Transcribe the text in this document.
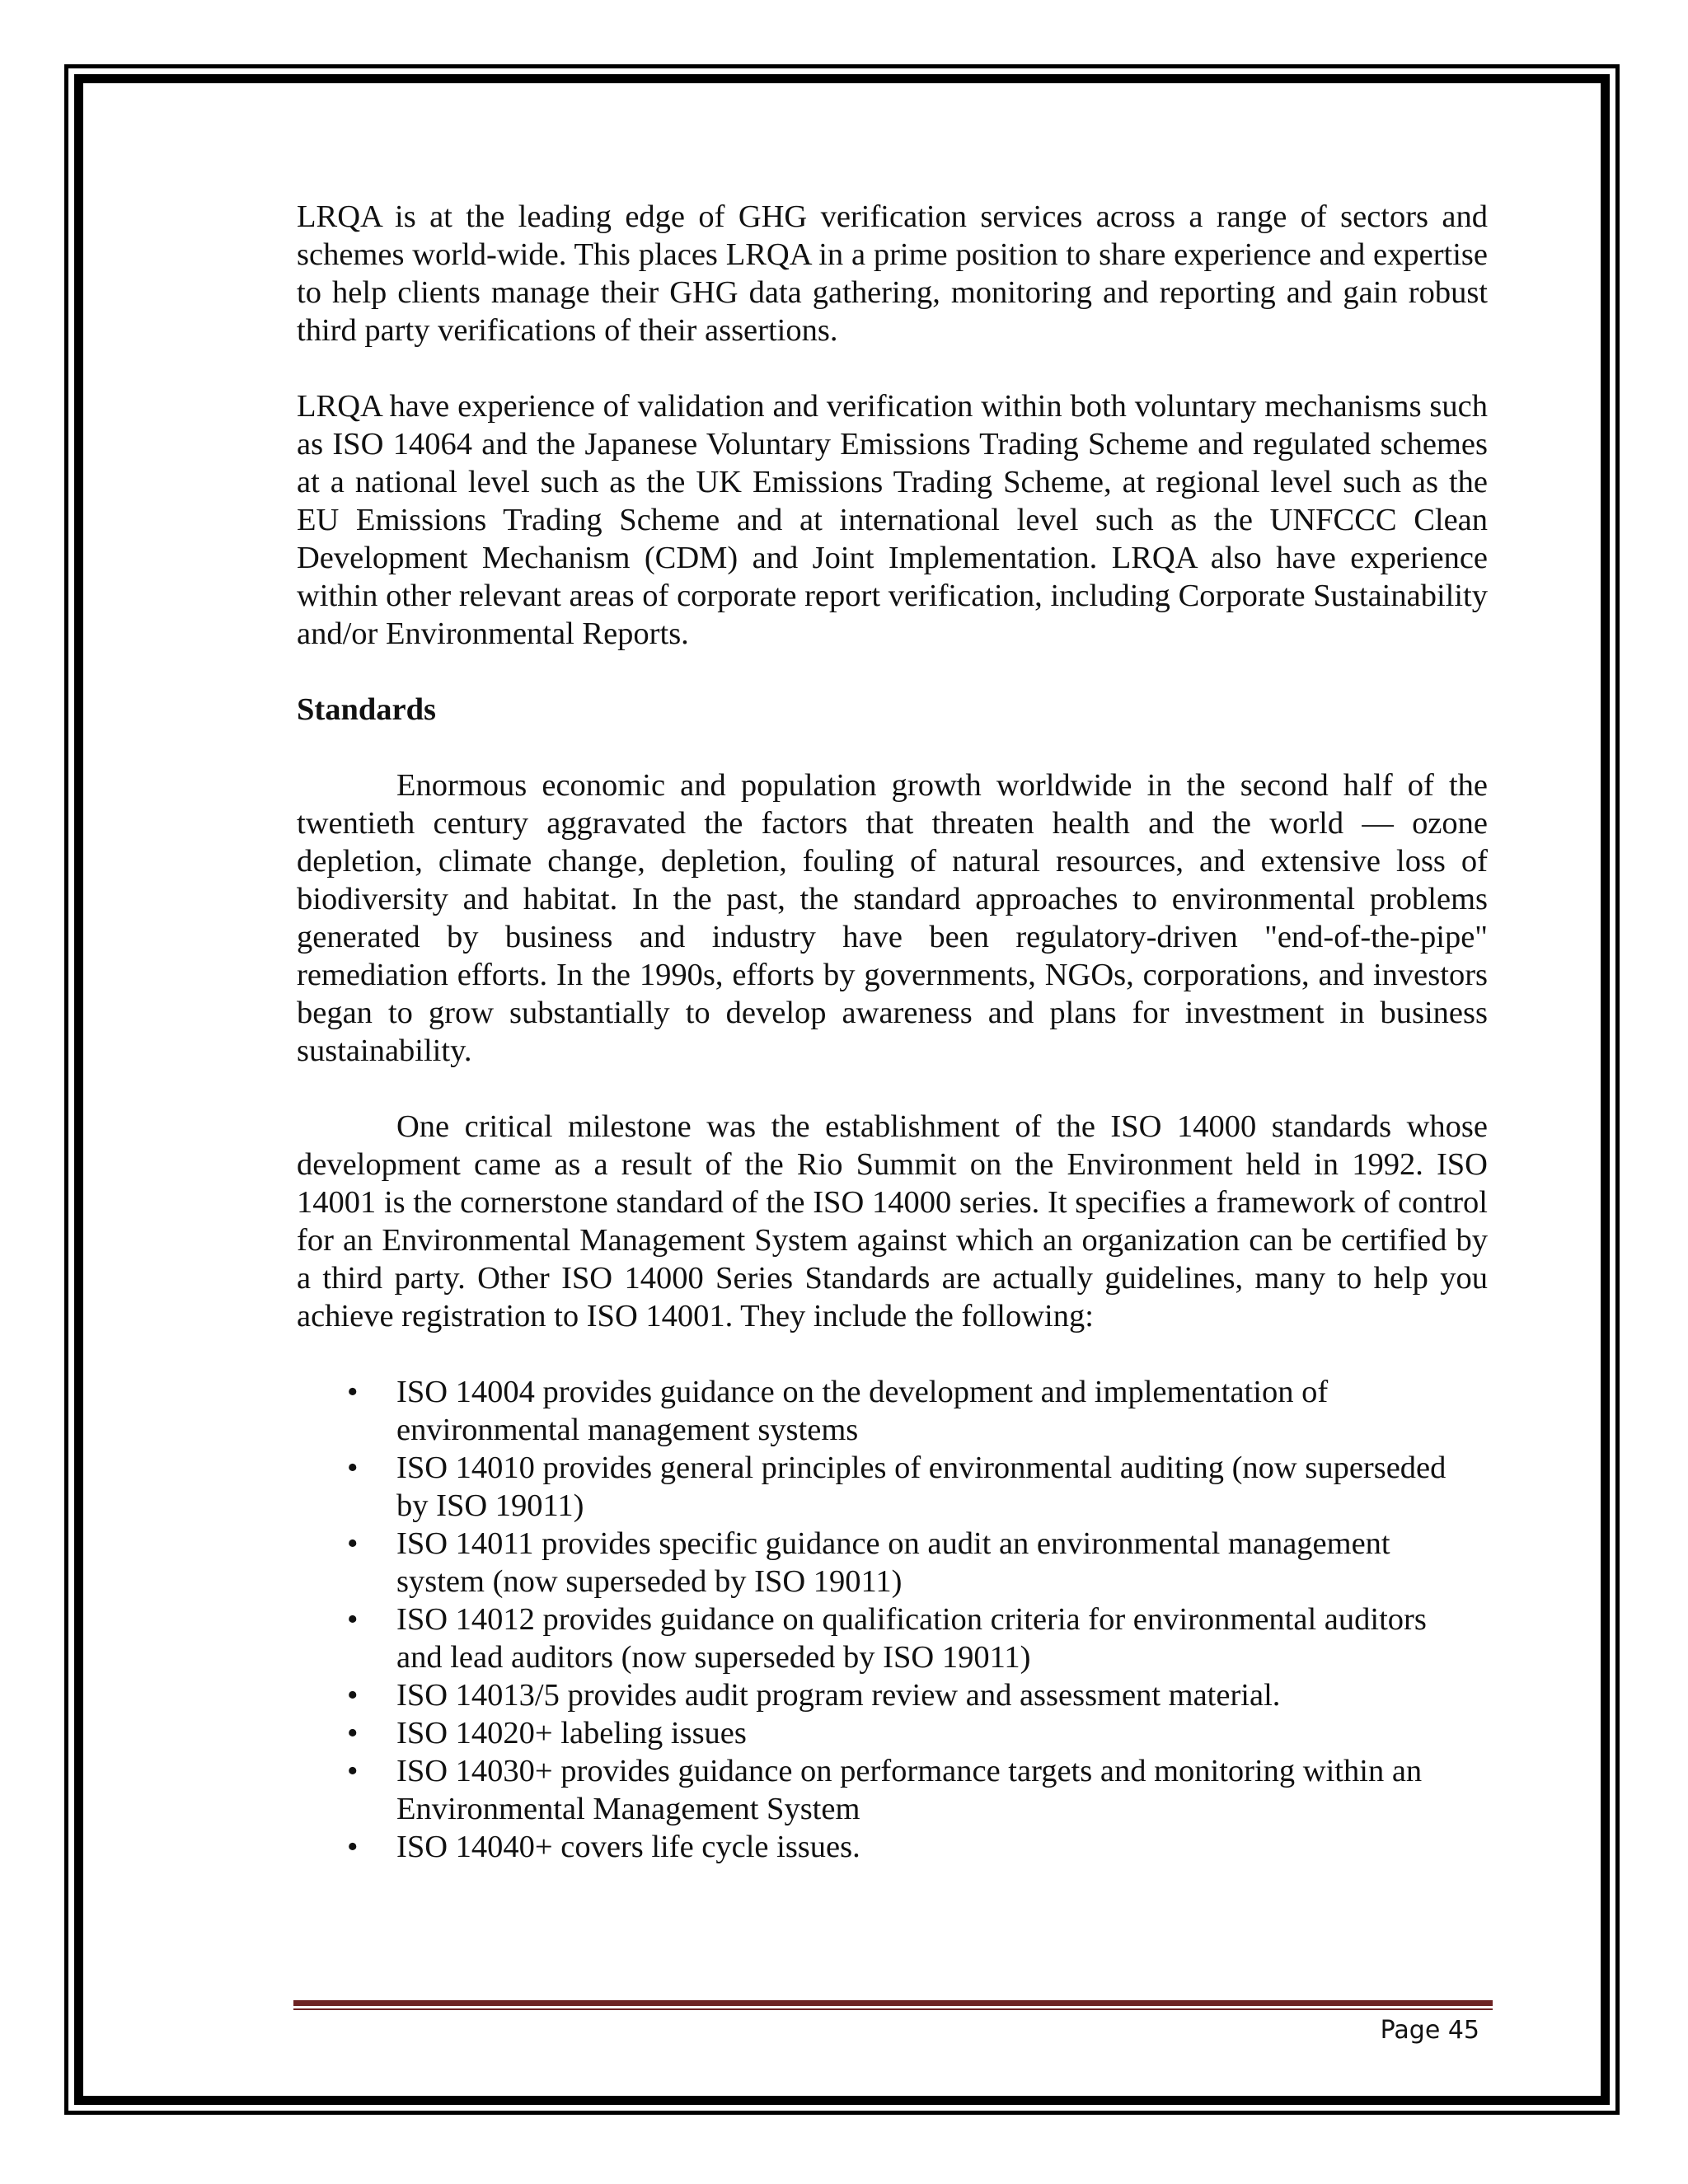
LRQA is at the leading edge of GHG verification services across a range of sectors and schemes world-wide. This places LRQA in a prime position to share experience and expertise to help clients manage their GHG data gathering, monitoring and reporting and gain robust third party verifications of their assertions.

LRQA have experience of validation and verification within both voluntary mechanisms such as ISO 14064 and the Japanese Voluntary Emissions Trading Scheme and regulated schemes at a national level such as the UK Emissions Trading Scheme, at regional level such as the EU Emissions Trading Scheme and at international level such as the UNFCCC Clean Development Mechanism (CDM) and Joint Implementation. LRQA also have experience within other relevant areas of corporate report verification, including Corporate Sustainability and/or Environmental Reports.

Standards

Enormous economic and population growth worldwide in the second half of the twentieth century aggravated the factors that threaten health and the world — ozone depletion, climate change, depletion, fouling of natural resources, and extensive loss of biodiversity and habitat. In the past, the standard approaches to environmental problems generated by business and industry have been regulatory-driven "end-of-the-pipe" remediation efforts. In the 1990s, efforts by governments, NGOs, corporations, and investors began to grow substantially to develop awareness and plans for investment in business sustainability.

One critical milestone was the establishment of the ISO 14000 standards whose development came as a result of the Rio Summit on the Environment held in 1992. ISO 14001 is the cornerstone standard of the ISO 14000 series. It specifies a framework of control for an Environmental Management System against which an organization can be certified by a third party. Other ISO 14000 Series Standards are actually guidelines, many to help you achieve registration to ISO 14001. They include the following:

• ISO 14004 provides guidance on the development and implementation of environmental management systems
• ISO 14010 provides general principles of environmental auditing (now superseded by ISO 19011)
• ISO 14011 provides specific guidance on audit an environmental management system (now superseded by ISO 19011)
• ISO 14012 provides guidance on qualification criteria for environmental auditors and lead auditors (now superseded by ISO 19011)
• ISO 14013/5 provides audit program review and assessment material.
• ISO 14020+ labeling issues
• ISO 14030+ provides guidance on performance targets and monitoring within an Environmental Management System
• ISO 14040+ covers life cycle issues.
Page 45
